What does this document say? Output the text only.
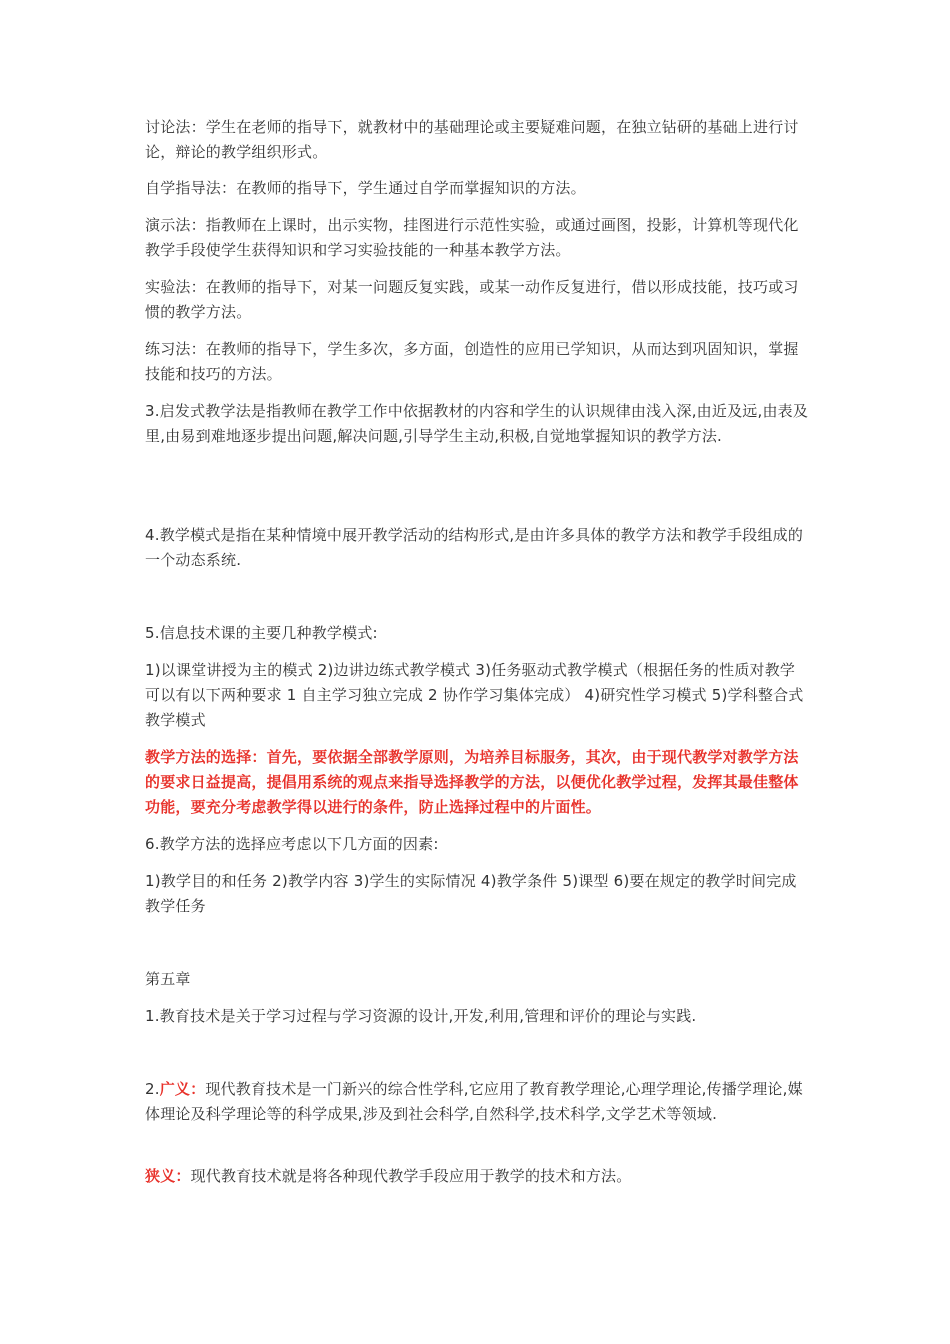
讨论法：学生在老师的指导下，就教材中的基础理论或主要疑难问题，在独立钻研的基础上进行讨论，辩论的教学组织形式。

自学指导法：在教师的指导下，学生通过自学而掌握知识的方法。

演示法：指教师在上课时，出示实物，挂图进行示范性实验，或通过画图，投影，计算机等现代化教学手段使学生获得知识和学习实验技能的一种基本教学方法。

实验法：在教师的指导下，对某一问题反复实践，或某一动作反复进行，借以形成技能，技巧或习惯的教学方法。

练习法：在教师的指导下，学生多次，多方面，创造性的应用已学知识，从而达到巩固知识，掌握技能和技巧的方法。

3.启发式教学法是指教师在教学工作中依据教材的内容和学生的认识规律由浅入深,由近及远,由表及里,由易到难地逐步提出问题,解决问题,引导学生主动,积极,自觉地掌握知识的教学方法.

4.教学模式是指在某种情境中展开教学活动的结构形式,是由许多具体的教学方法和教学手段组成的一个动态系统.

5.信息技术课的主要几种教学模式:

1)以课堂讲授为主的模式 2)边讲边练式教学模式 3)任务驱动式教学模式（根据任务的性质对教学可以有以下两种要求 1 自主学习独立完成 2 协作学习集体完成） 4)研究性学习模式 5)学科整合式教学模式

教学方法的选择：首先，要依据全部教学原则，为培养目标服务，其次，由于现代教学对教学方法的要求日益提高，提倡用系统的观点来指导选择教学的方法，以便优化教学过程，发挥其最佳整体功能，要充分考虑教学得以进行的条件，防止选择过程中的片面性。

6.教学方法的选择应考虑以下几方面的因素:

1)教学目的和任务 2)教学内容 3)学生的实际情况 4)教学条件 5)课型 6)要在规定的教学时间完成教学任务

第五章

1.教育技术是关于学习过程与学习资源的设计,开发,利用,管理和评价的理论与实践.

2.广义：现代教育技术是一门新兴的综合性学科,它应用了教育教学理论,心理学理论,传播学理论,媒体理论及科学理论等的科学成果,涉及到社会科学,自然科学,技术科学,文学艺术等领域.

狭义：现代教育技术就是将各种现代教学手段应用于教学的技术和方法。
